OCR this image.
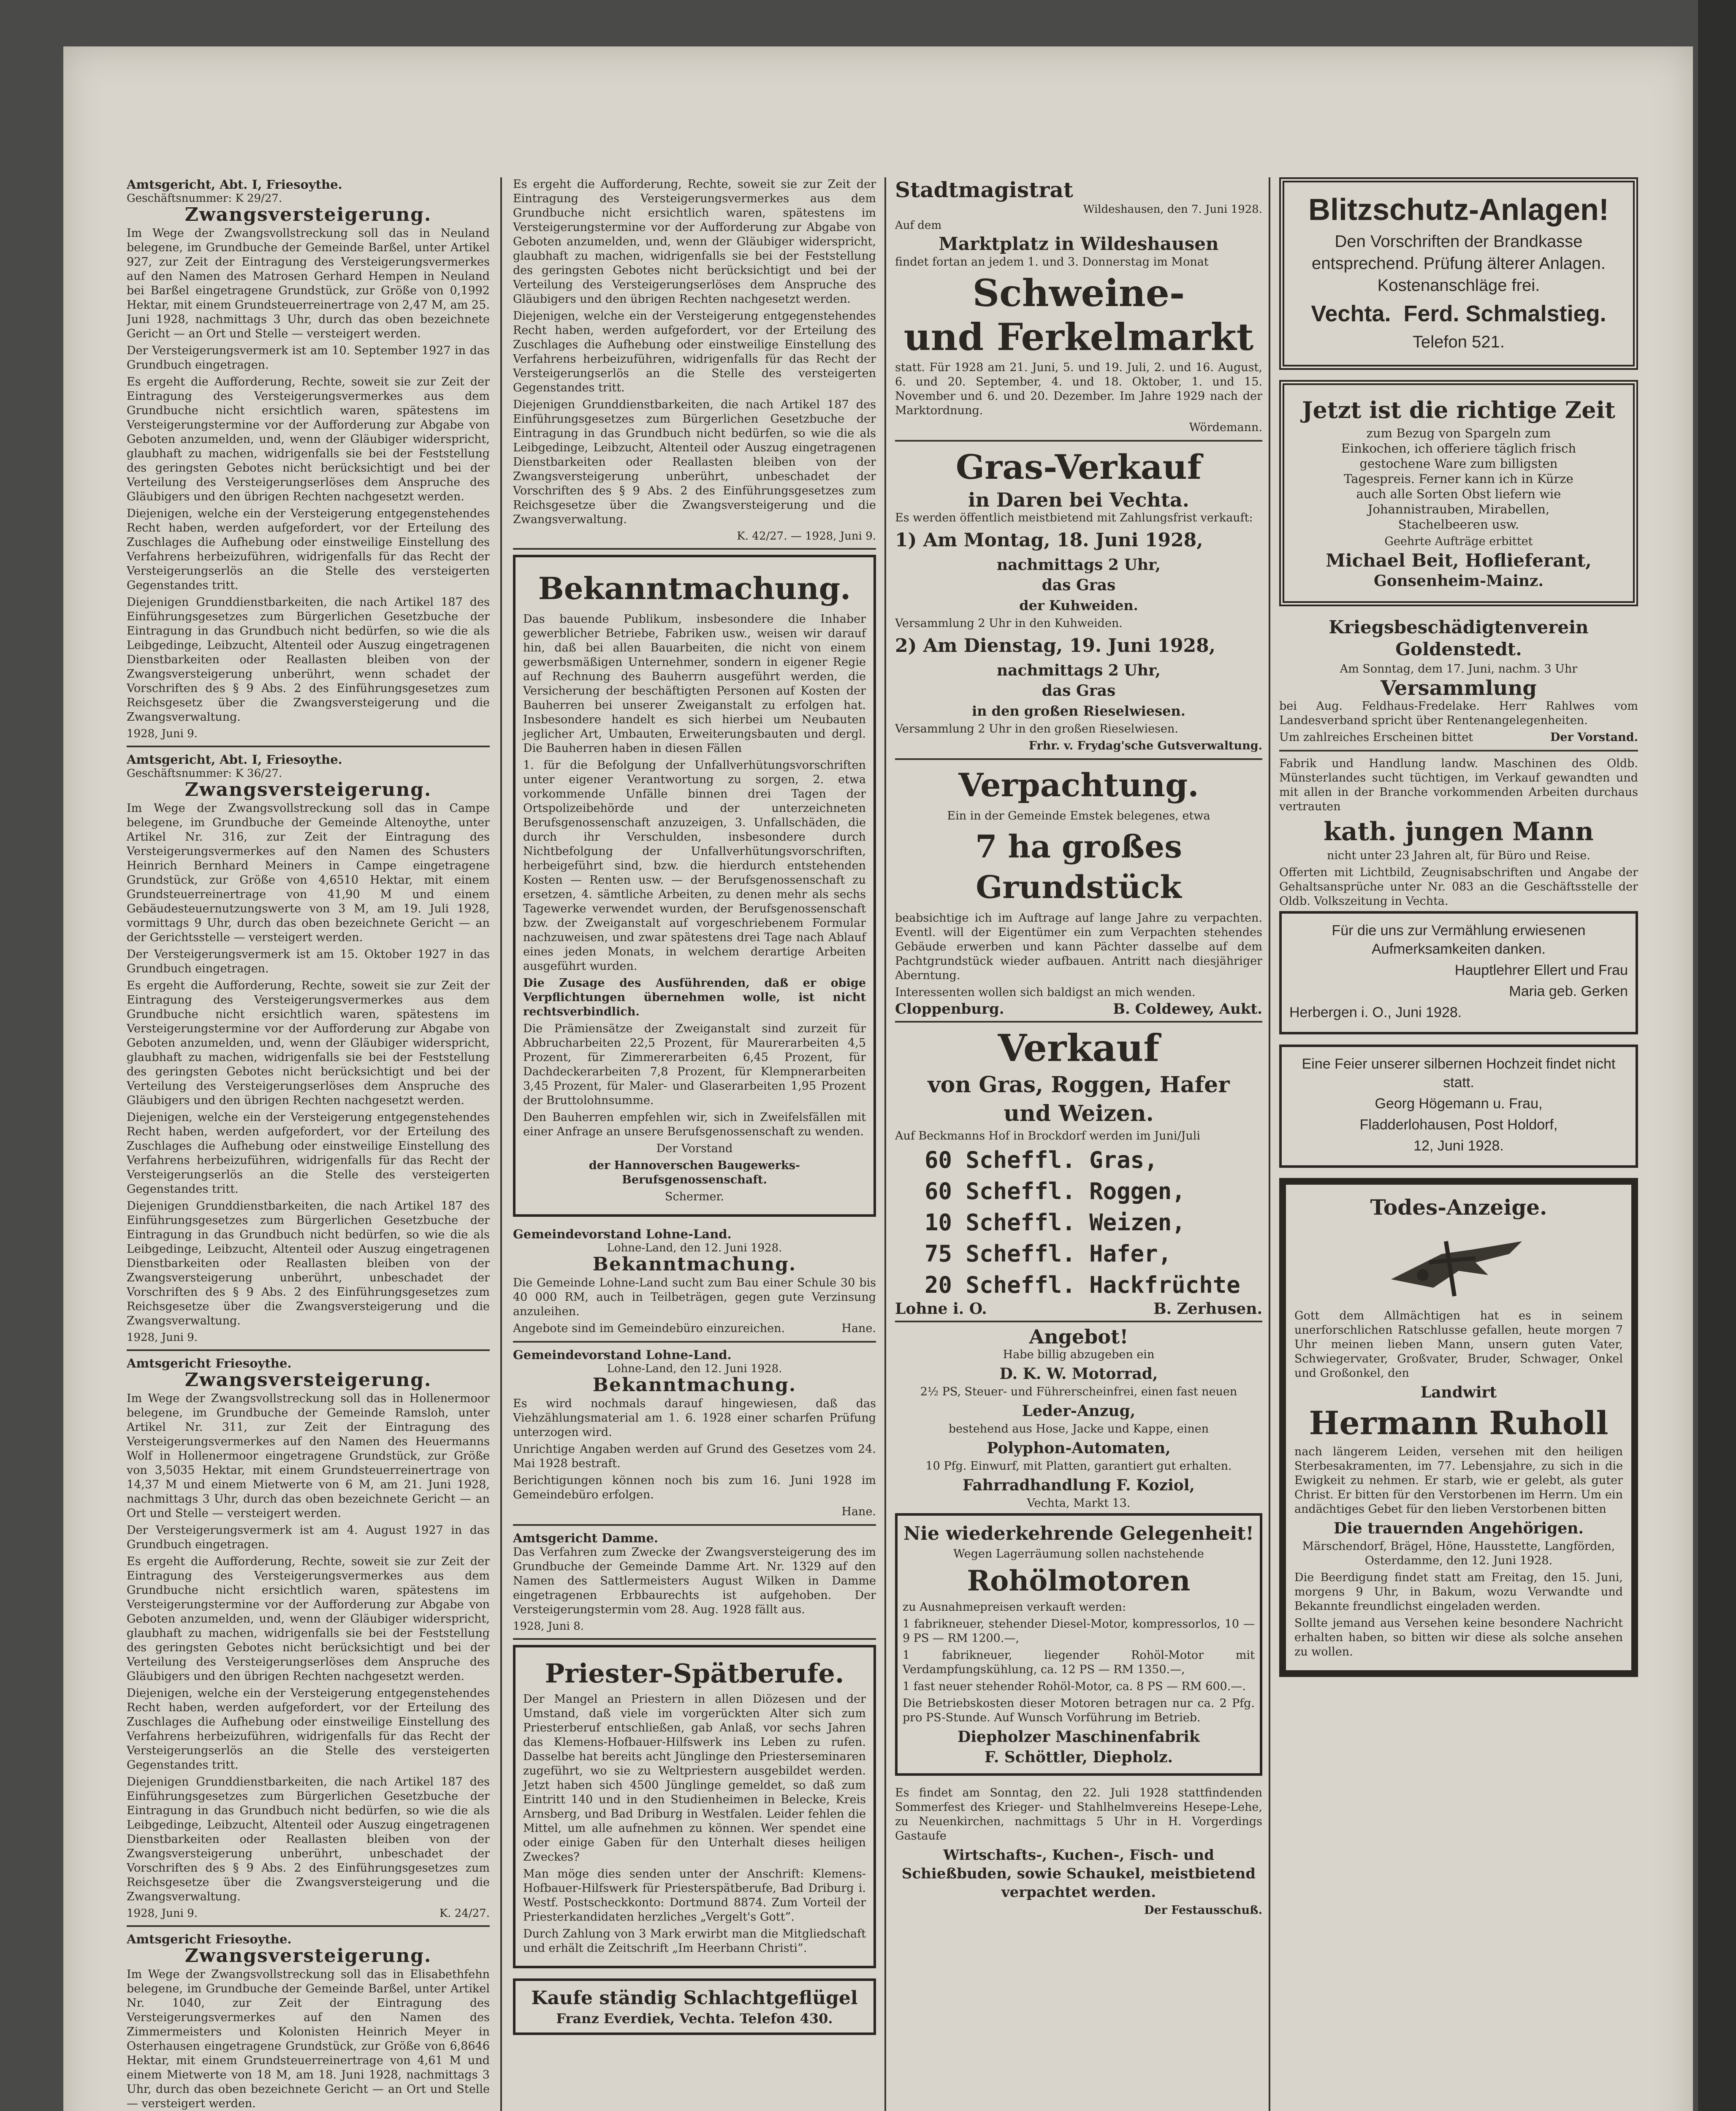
Amtsgericht, Abt. I, Friesoythe.

Geschäftsnummer: K 29/27.

Zwangsversteigerung.

Im Wege der Zwangsvollstreckung soll das in Neuland belegene, im Grundbuche der Gemeinde Barßel, unter Artikel 927, zur Zeit der Eintragung des Versteigerungsvermerkes auf den Namen des Matrosen Gerhard Hempen in Neuland bei Barßel eingetragene Grundstück, zur Größe von 0,1992 Hektar, mit einem Grundsteuerreinertrage von 2,47 M, am 25. Juni 1928, nachmittags 3 Uhr, durch das oben bezeichnete Gericht — an Ort und Stelle — versteigert werden.

Der Versteigerungsvermerk ist am 10. September 1927 in das Grundbuch eingetragen.

Es ergeht die Aufforderung, Rechte, soweit sie zur Zeit der Eintragung des Versteigerungsvermerkes aus dem Grundbuche nicht ersichtlich waren, spätestens im Versteigerungstermine vor der Aufforderung zur Abgabe von Geboten anzumelden, und, wenn der Gläubiger widerspricht, glaubhaft zu machen, widrigenfalls sie bei der Feststellung des geringsten Gebotes nicht berücksichtigt und bei der Verteilung des Versteigerungserlöses dem Anspruche des Gläubigers und den übrigen Rechten nachgesetzt werden.

Diejenigen, welche ein der Versteigerung entgegenstehendes Recht haben, werden aufgefordert, vor der Erteilung des Zuschlages die Aufhebung oder einstweilige Einstellung des Verfahrens herbeizuführen, widrigenfalls für das Recht der Versteigerungserlös an die Stelle des versteigerten Gegenstandes tritt.

Diejenigen Grunddienstbarkeiten, die nach Artikel 187 des Einführungsgesetzes zum Bürgerlichen Gesetzbuche der Eintragung in das Grundbuch nicht bedürfen, so wie die als Leibgedinge, Leibzucht, Altenteil oder Auszug eingetragenen Dienstbarkeiten oder Reallasten bleiben von der Zwangsversteigerung unberührt, wenn schadet der Vorschriften des § 9 Abs. 2 des Einführungsgesetzes zum Reichsgesetz über die Zwangsversteigerung und die Zwangsverwaltung.

1928, Juni 9.

Amtsgericht, Abt. I, Friesoythe.

Geschäftsnummer: K 36/27.

Zwangsversteigerung.

Im Wege der Zwangsvollstreckung soll das in Campe belegene, im Grundbuche der Gemeinde Altenoythe, unter Artikel Nr. 316, zur Zeit der Eintragung des Versteigerungsvermerkes auf den Namen des Schusters Heinrich Bernhard Meiners in Campe eingetragene Grundstück, zur Größe von 4,6510 Hektar, mit einem Grundsteuerreinertrage von 41,90 M und einem Gebäudesteuernutzungswerte von 3 M, am 19. Juli 1928, vormittags 9 Uhr, durch das oben bezeichnete Gericht — an der Gerichtsstelle — versteigert werden.

Der Versteigerungsvermerk ist am 15. Oktober 1927 in das Grundbuch eingetragen.

Es ergeht die Aufforderung, Rechte, soweit sie zur Zeit der Eintragung des Versteigerungsvermerkes aus dem Grundbuche nicht ersichtlich waren, spätestens im Versteigerungstermine vor der Aufforderung zur Abgabe von Geboten anzumelden, und, wenn der Gläubiger widerspricht, glaubhaft zu machen, widrigenfalls sie bei der Feststellung des geringsten Gebotes nicht berücksichtigt und bei der Verteilung des Versteigerungserlöses dem Anspruche des Gläubigers und den übrigen Rechten nachgesetzt werden.

Diejenigen, welche ein der Versteigerung entgegenstehendes Recht haben, werden aufgefordert, vor der Erteilung des Zuschlages die Aufhebung oder einstweilige Einstellung des Verfahrens herbeizuführen, widrigenfalls für das Recht der Versteigerungserlös an die Stelle des versteigerten Gegenstandes tritt.

Diejenigen Grunddienstbarkeiten, die nach Artikel 187 des Einführungsgesetzes zum Bürgerlichen Gesetzbuche der Eintragung in das Grundbuch nicht bedürfen, so wie die als Leibgedinge, Leibzucht, Altenteil oder Auszug eingetragenen Dienstbarkeiten oder Reallasten bleiben von der Zwangsversteigerung unberührt, unbeschadet der Vorschriften des § 9 Abs. 2 des Einführungsgesetzes zum Reichsgesetze über die Zwangsversteigerung und die Zwangsverwaltung.

1928, Juni 9.

Amtsgericht Friesoythe.

Zwangsversteigerung.

Im Wege der Zwangsvollstreckung soll das in Hollenermoor belegene, im Grundbuche der Gemeinde Ramsloh, unter Artikel Nr. 311, zur Zeit der Eintragung des Versteigerungsvermerkes auf den Namen des Heuermanns Wolf in Hollenermoor eingetragene Grundstück, zur Größe von 3,5035 Hektar, mit einem Grundsteuerreinertrage von 14,37 M und einem Mietwerte von 6 M, am 21. Juni 1928, nachmittags 3 Uhr, durch das oben bezeichnete Gericht — an Ort und Stelle — versteigert werden.

Der Versteigerungsvermerk ist am 4. August 1927 in das Grundbuch eingetragen.

Es ergeht die Aufforderung, Rechte, soweit sie zur Zeit der Eintragung des Versteigerungsvermerkes aus dem Grundbuche nicht ersichtlich waren, spätestens im Versteigerungstermine vor der Aufforderung zur Abgabe von Geboten anzumelden, und, wenn der Gläubiger widerspricht, glaubhaft zu machen, widrigenfalls sie bei der Feststellung des geringsten Gebotes nicht berücksichtigt und bei der Verteilung des Versteigerungserlöses dem Anspruche des Gläubigers und den übrigen Rechten nachgesetzt werden.

Diejenigen, welche ein der Versteigerung entgegenstehendes Recht haben, werden aufgefordert, vor der Erteilung des Zuschlages die Aufhebung oder einstweilige Einstellung des Verfahrens herbeizuführen, widrigenfalls für das Recht der Versteigerungserlös an die Stelle des versteigerten Gegenstandes tritt.

Diejenigen Grunddienstbarkeiten, die nach Artikel 187 des Einführungsgesetzes zum Bürgerlichen Gesetzbuche der Eintragung in das Grundbuch nicht bedürfen, so wie die als Leibgedinge, Leibzucht, Altenteil oder Auszug eingetragenen Dienstbarkeiten oder Reallasten bleiben von der Zwangsversteigerung unberührt, unbeschadet der Vorschriften des § 9 Abs. 2 des Einführungsgesetzes zum Reichsgesetze über die Zwangsversteigerung und die Zwangsverwaltung.

1928, Juni 9.	K. 24/27.

Amtsgericht Friesoythe.

Zwangsversteigerung.

Im Wege der Zwangsvollstreckung soll das in Elisabethfehn belegene, im Grundbuche der Gemeinde Barßel, unter Artikel Nr. 1040, zur Zeit der Eintragung des Versteigerungsvermerkes auf den Namen des Zimmermeisters und Kolonisten Heinrich Meyer in Osterhausen eingetragene Grundstück, zur Größe von 6,8646 Hektar, mit einem Grundsteuerreinertrage von 4,61 M und einem Mietwerte von 18 M, am 18. Juni 1928, nachmittags 3 Uhr, durch das oben bezeichnete Gericht — an Ort und Stelle — versteigert werden.

Es ergeht die Aufforderung, Rechte, soweit sie zur Zeit der Eintragung des Versteigerungsvermerkes aus dem Grundbuche nicht ersichtlich waren, spätestens im Versteigerungstermine vor der Aufforderung zur Abgabe von Geboten anzumelden, und, wenn der Gläubiger widerspricht, glaubhaft zu machen, widrigenfalls sie bei der Feststellung des geringsten Gebotes nicht berücksichtigt und bei der Verteilung des Versteigerungserlöses dem Anspruche des Gläubigers und den übrigen Rechten nachgesetzt werden.

Diejenigen, welche ein der Versteigerung entgegenstehendes Recht haben, werden aufgefordert, vor der Erteilung des Zuschlages die Aufhebung oder einstweilige Einstellung des Verfahrens herbeizuführen, widrigenfalls für das Recht der Versteigerungserlös an die Stelle des versteigerten Gegenstandes tritt.

Diejenigen Grunddienstbarkeiten, die nach Artikel 187 des Einführungsgesetzes zum Bürgerlichen Gesetzbuche der Eintragung in das Grundbuch nicht bedürfen, so wie die als Leibgedinge, Leibzucht, Altenteil oder Auszug eingetragenen Dienstbarkeiten oder Reallasten bleiben von der Zwangsversteigerung unberührt, unbeschadet der Vorschriften des § 9 Abs. 2 des Einführungsgesetzes zum Reichsgesetze über die Zwangsversteigerung und die Zwangsverwaltung.

K. 42/27. — 1928, Juni 9.

Bekanntmachung.

Das bauende Publikum, insbesondere die Inhaber gewerblicher Betriebe, Fabriken usw., weisen wir darauf hin, daß bei allen Bauarbeiten, die nicht von einem gewerbsmäßigen Unternehmer, sondern in eigener Regie auf Rechnung des Bauherrn ausgeführt werden, die Versicherung der beschäftigten Personen auf Kosten der Bauherren bei unserer Zweiganstalt zu erfolgen hat. Insbesondere handelt es sich hierbei um Neubauten jeglicher Art, Umbauten, Erweiterungsbauten und dergl. Die Bauherren haben in diesen Fällen

1. für die Befolgung der Unfallverhütungsvorschriften unter eigener Verantwortung zu sorgen, 2. etwa vorkommende Unfälle binnen drei Tagen der Ortspolizeibehörde und der unterzeichneten Berufsgenossenschaft anzuzeigen, 3. Unfallschäden, die durch ihr Verschulden, insbesondere durch Nichtbefolgung der Unfallverhütungsvorschriften, herbeigeführt sind, bzw. die hierdurch entstehenden Kosten — Renten usw. — der Berufsgenossenschaft zu ersetzen, 4. sämtliche Arbeiten, zu denen mehr als sechs Tagewerke verwendet wurden, der Berufsgenossenschaft bzw. der Zweiganstalt auf vorgeschriebenem Formular nachzuweisen, und zwar spätestens drei Tage nach Ablauf eines jeden Monats, in welchem derartige Arbeiten ausgeführt wurden.

Die Zusage des Ausführenden, daß er obige Verpflichtungen übernehmen wolle, ist nicht rechtsverbindlich.

Die Prämiensätze der Zweiganstalt sind zurzeit für Abbrucharbeiten 22,5 Prozent, für Maurerarbeiten 4,5 Prozent, für Zimmererarbeiten 6,45 Prozent, für Dachdeckerarbeiten 7,8 Prozent, für Klempnerarbeiten 3,45 Prozent, für Maler- und Glaserarbeiten 1,95 Prozent der Bruttolohnsumme.

Den Bauherren empfehlen wir, sich in Zweifelsfällen mit einer Anfrage an unsere Berufsgenossenschaft zu wenden.

Der Vorstand

der Hannoverschen Baugewerks-Berufsgenossenschaft.

Schermer.

Gemeindevorstand Lohne-Land.

Lohne-Land, den 12. Juni 1928.

Bekanntmachung.

Die Gemeinde Lohne-Land sucht zum Bau einer Schule 30 bis 40 000 RM, auch in Teilbeträgen, gegen gute Verzinsung anzuleihen.

Angebote sind im Gemeindebüro einzureichen.	Hane.

Gemeindevorstand Lohne-Land.

Lohne-Land, den 12. Juni 1928.

Bekanntmachung.

Es wird nochmals darauf hingewiesen, daß das Viehzählungsmaterial am 1. 6. 1928 einer scharfen Prüfung unterzogen wird.

Unrichtige Angaben werden auf Grund des Gesetzes vom 24. Mai 1928 bestraft.

Berichtigungen können noch bis zum 16. Juni 1928 im Gemeindebüro erfolgen.

Hane.

Amtsgericht Damme.

Das Verfahren zum Zwecke der Zwangsversteigerung des im Grundbuche der Gemeinde Damme Art. Nr. 1329 auf den Namen des Sattlermeisters August Wilken in Damme eingetragenen Erbbaurechts ist aufgehoben. Der Versteigerungstermin vom 28. Aug. 1928 fällt aus.

1928, Juni 8.

Priester-Spätberufe.

Der Mangel an Priestern in allen Diözesen und der Umstand, daß viele im vorgerückten Alter sich zum Priesterberuf entschließen, gab Anlaß, vor sechs Jahren das Klemens-Hofbauer-Hilfswerk ins Leben zu rufen. Dasselbe hat bereits acht Jünglinge den Priesterseminaren zugeführt, wo sie zu Weltpriestern ausgebildet werden. Jetzt haben sich 4500 Jünglinge gemeldet, so daß zum Eintritt 140 und in den Studienheimen in Belecke, Kreis Arnsberg, und Bad Driburg in Westfalen. Leider fehlen die Mittel, um alle aufnehmen zu können. Wer spendet eine oder einige Gaben für den Unterhalt dieses heiligen Zweckes?

Man möge dies senden unter der Anschrift: Klemens-Hofbauer-Hilfswerk für Priesterspätberufe, Bad Driburg i. Westf. Postscheckkonto: Dortmund 8874. Zum Vorteil der Priesterkandidaten herzliches „Vergelt's Gott”.

Durch Zahlung von 3 Mark erwirbt man die Mitgliedschaft und erhält die Zeitschrift „Im Heerbann Christi”.

Kaufe ständig Schlachtgeflügel

Franz Everdiek, Vechta. Telefon 430.

Stadtmagistrat

Wildeshausen, den 7. Juni 1928.

Auf dem

Marktplatz in Wildeshausen

findet fortan an jedem 1. und 3. Donnerstag im Monat

Schweine-

und Ferkelmarkt

statt. Für 1928 am 21. Juni, 5. und 19. Juli, 2. und 16. August, 6. und 20. September, 4. und 18. Oktober, 1. und 15. November und 6. und 20. Dezember. Im Jahre 1929 nach der Marktordnung.

Wördemann.

Gras-Verkauf

in Daren bei Vechta.

Es werden öffentlich meistbietend mit Zahlungsfrist verkauft:

1) Am Montag, 18. Juni 1928,

nachmittags 2 Uhr,

das Gras

der Kuhweiden.

Versammlung 2 Uhr in den Kuhweiden.

2) Am Dienstag, 19. Juni 1928,

nachmittags 2 Uhr,

das Gras

in den großen Rieselwiesen.

Versammlung 2 Uhr in den großen Rieselwiesen.

Frhr. v. Frydag'sche Gutsverwaltung.

Verpachtung.

Ein in der Gemeinde Emstek belegenes, etwa

7 ha großes Grundstück

beabsichtige ich im Auftrage auf lange Jahre zu verpachten. Eventl. will der Eigentümer ein zum Verpachten stehendes Gebäude erwerben und kann Pächter dasselbe auf dem Pachtgrundstück wieder aufbauen. Antritt nach diesjähriger Aberntung.

Interessenten wollen sich baldigst an mich wenden.

Cloppenburg.	B. Coldewey, Aukt.

Verkauf

von Gras, Roggen, Hafer

und Weizen.

Auf Beckmanns Hof in Brockdorf werden im Juni/Juli

60 Scheffl. Gras,

60 Scheffl. Roggen,

10 Scheffl. Weizen,

75 Scheffl. Hafer,

20 Scheffl. Hackfrüchte

Lohne i. O.	B. Zerhusen.

Angebot!

Habe billig abzugeben ein

D. K. W. Motorrad,

2½ PS, Steuer- und Führerscheinfrei, einen fast neuen

Leder-Anzug,

bestehend aus Hose, Jacke und Kappe, einen

Polyphon-Automaten,

10 Pfg. Einwurf, mit Platten, garantiert gut erhalten.

Fahrradhandlung F. Koziol,

Vechta, Markt 13.

Nie wiederkehrende Gelegenheit!

Wegen Lagerräumung sollen nachstehende

Rohölmotoren

zu Ausnahmepreisen verkauft werden:

1 fabrikneuer, stehender Diesel-Motor, kompressorlos, 10 — 9 PS — RM 1200.—,

1 fabrikneuer, liegender Rohöl-Motor mit Verdampfungskühlung, ca. 12 PS — RM 1350.—,

1 fast neuer stehender Rohöl-Motor, ca. 8 PS — RM 600.—.

Die Betriebskosten dieser Motoren betragen nur ca. 2 Pfg. pro PS-Stunde. Auf Wunsch Vorführung im Betrieb.

Diepholzer Maschinenfabrik

F. Schöttler, Diepholz.

Es findet am Sonntag, den 22. Juli 1928 stattfindenden Sommerfest des Krieger- und Stahlhelmvereins Hesepe-Lehe, zu Neuenkirchen, nachmittags 5 Uhr in H. Vorgerdings Gastaufe

Wirtschafts-, Kuchen-, Fisch- und Schießbuden, sowie Schaukel, meistbietend verpachtet werden.

Der Festausschuß.

Blitzschutz-Anlagen!

Den Vorschriften der Brandkasse entsprechend. Prüfung älterer Anlagen. Kostenanschläge frei.

Vechta. Ferd. Schmalstieg.

Telefon 521.

Jetzt ist die richtige Zeit

zum Bezug von Spargeln zum Einkochen, ich offeriere täglich frisch gestochene Ware zum billigsten Tagespreis. Ferner kann ich in Kürze auch alle Sorten Obst liefern wie Johannistrauben, Mirabellen, Stachelbeeren usw.

Geehrte Aufträge erbittet

Michael Beit, Hoflieferant,

Gonsenheim-Mainz.

Kriegsbeschädigtenverein Goldenstedt.

Am Sonntag, dem 17. Juni, nachm. 3 Uhr

Versammlung

bei Aug. Feldhaus-Fredelake. Herr Rahlwes vom Landesverband spricht über Rentenangelegenheiten.

Um zahlreiches Erscheinen bittet	Der Vorstand.

Fabrik und Handlung landw. Maschinen des Oldb. Münsterlandes sucht tüchtigen, im Verkauf gewandten und mit allen in der Branche vorkommenden Arbeiten durchaus vertrauten

kath. jungen Mann

nicht unter 23 Jahren alt, für Büro und Reise.

Offerten mit Lichtbild, Zeugnisabschriften und Angabe der Gehaltsansprüche unter Nr. 083 an die Geschäftsstelle der Oldb. Volkszeitung in Vechta.

Für die uns zur Vermählung erwiesenen Aufmerksamkeiten danken.

Hauptlehrer Ellert und Frau

Maria geb. Gerken

Herbergen i. O., Juni 1928.

Eine Feier unserer silbernen Hochzeit findet nicht statt.

Georg Högemann u. Frau,

Fladderlohausen, Post Holdorf,

12, Juni 1928.

Todes-Anzeige.

Gott dem Allmächtigen hat es in seinem unerforschlichen Ratschlusse gefallen, heute morgen 7 Uhr meinen lieben Mann, unsern guten Vater, Schwiegervater, Großvater, Bruder, Schwager, Onkel und Großonkel, den

Landwirt

Hermann Ruholl

nach längerem Leiden, versehen mit den heiligen Sterbesakramenten, im 77. Lebensjahre, zu sich in die Ewigkeit zu nehmen. Er starb, wie er gelebt, als guter Christ. Er bitten für den Verstorbenen im Herrn. Um ein andächtiges Gebet für den lieben Verstorbenen bitten

Die trauernden Angehörigen.

Märschendorf, Brägel, Höne, Hausstette, Langförden, Osterdamme, den 12. Juni 1928.

Die Beerdigung findet statt am Freitag, den 15. Juni, morgens 9 Uhr, in Bakum, wozu Verwandte und Bekannte freundlichst eingeladen werden.

Sollte jemand aus Versehen keine besondere Nachricht erhalten haben, so bitten wir diese als solche ansehen zu wollen.
